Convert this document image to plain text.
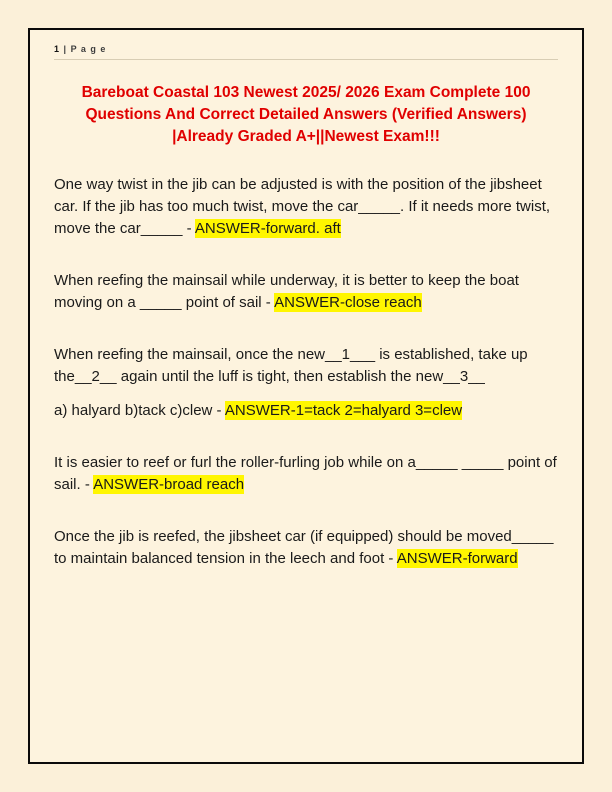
1 | P a g e
Bareboat Coastal 103 Newest 2025/ 2026 Exam Complete 100 Questions And Correct Detailed Answers (Verified Answers) |Already Graded A+||Newest Exam!!!

One way twist in the jib can be adjusted is with the position of the jibsheet car. If the jib has too much twist, move the car_____. If it needs more twist, move the car_____ - ANSWER-forward. aft

When reefing the mainsail while underway, it is better to keep the boat moving on a _____ point of sail - ANSWER-close reach

When reefing the mainsail, once the new__1___ is established, take up the__2__ again until the luff is tight, then establish the new__3__

a) halyard b)tack c)clew - ANSWER-1=tack 2=halyard 3=clew

It is easier to reef or furl the roller-furling job while on a_____ _____ point of sail. - ANSWER-broad reach

Once the jib is reefed, the jibsheet car (if equipped) should be moved_____ to maintain balanced tension in the leech and foot - ANSWER-forward
